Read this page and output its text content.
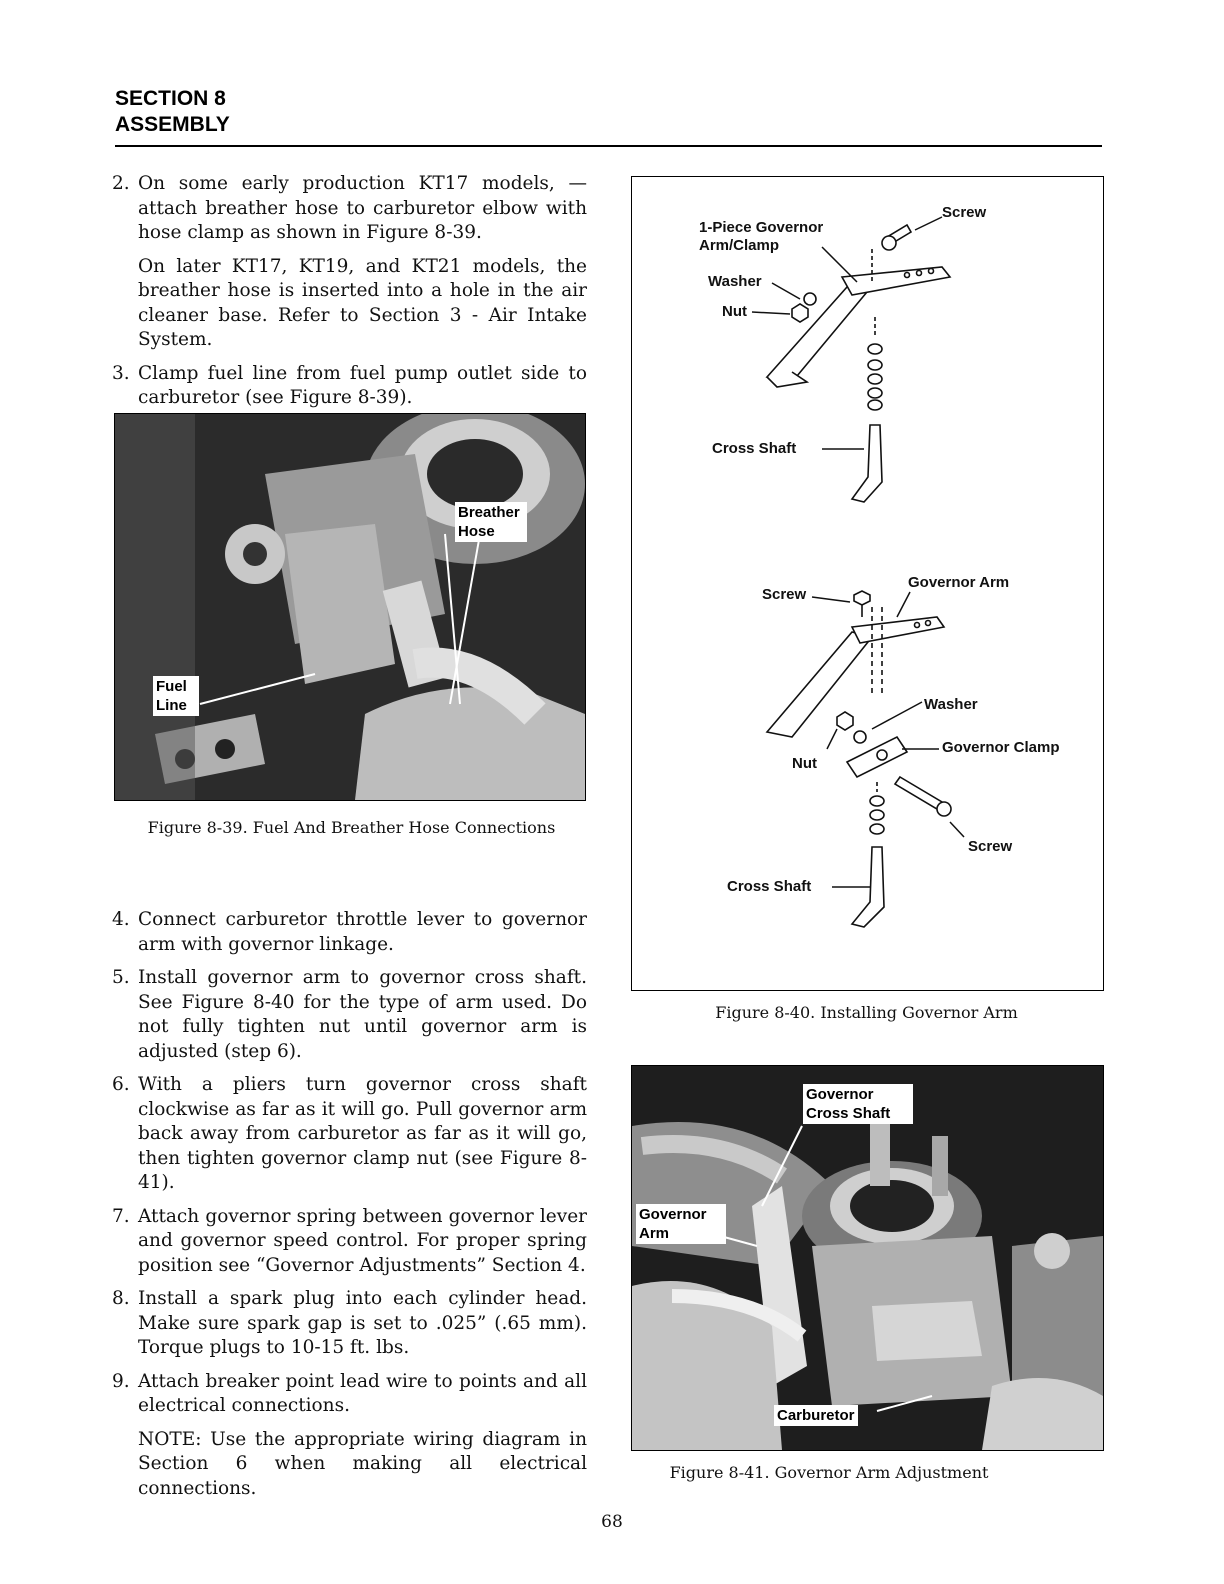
SECTION 8
ASSEMBLY
2. On some early production KT17 models, — attach breather hose to carburetor elbow with hose clamp as shown in Figure 8-39.

On later KT17, KT19, and KT21 models, the breather hose is inserted into a hole in the air cleaner base. Refer to Section 3 - Air Intake System.

3. Clamp fuel line from fuel pump outlet side to carburetor (see Figure 8-39).

Breather Hose
Fuel Line
Figure 8-39. Fuel And Breather Hose Connections
4. Connect carburetor throttle lever to governor arm with governor linkage.

5. Install governor arm to governor cross shaft. See Figure 8-40 for the type of arm used. Do not fully tighten nut until governor arm is adjusted (step 6).

6. With a pliers turn governor cross shaft clockwise as far as it will go. Pull governor arm back away from carburetor as far as it will go, then tighten governor clamp nut (see Figure 8-41).

7. Attach governor spring between governor lever and governor speed control. For proper spring position see “Governor Adjustments” Section 4.

8. Install a spark plug into each cylinder head. Make sure spark gap is set to .025” (.65 mm). Torque plugs to 10-15 ft. lbs.

9. Attach breaker point lead wire to points and all electrical connections.

NOTE: Use the appropriate wiring diagram in Section 6 when making all electrical connections.

Screw
1-Piece Governor Arm/Clamp
Washer
Nut
Cross Shaft
Screw
Governor Arm
Washer
Governor Clamp
Nut
Screw
Cross Shaft
Figure 8-40. Installing Governor Arm
Governor Cross Shaft
Governor Arm
Carburetor
Figure 8-41. Governor Arm Adjustment
68
